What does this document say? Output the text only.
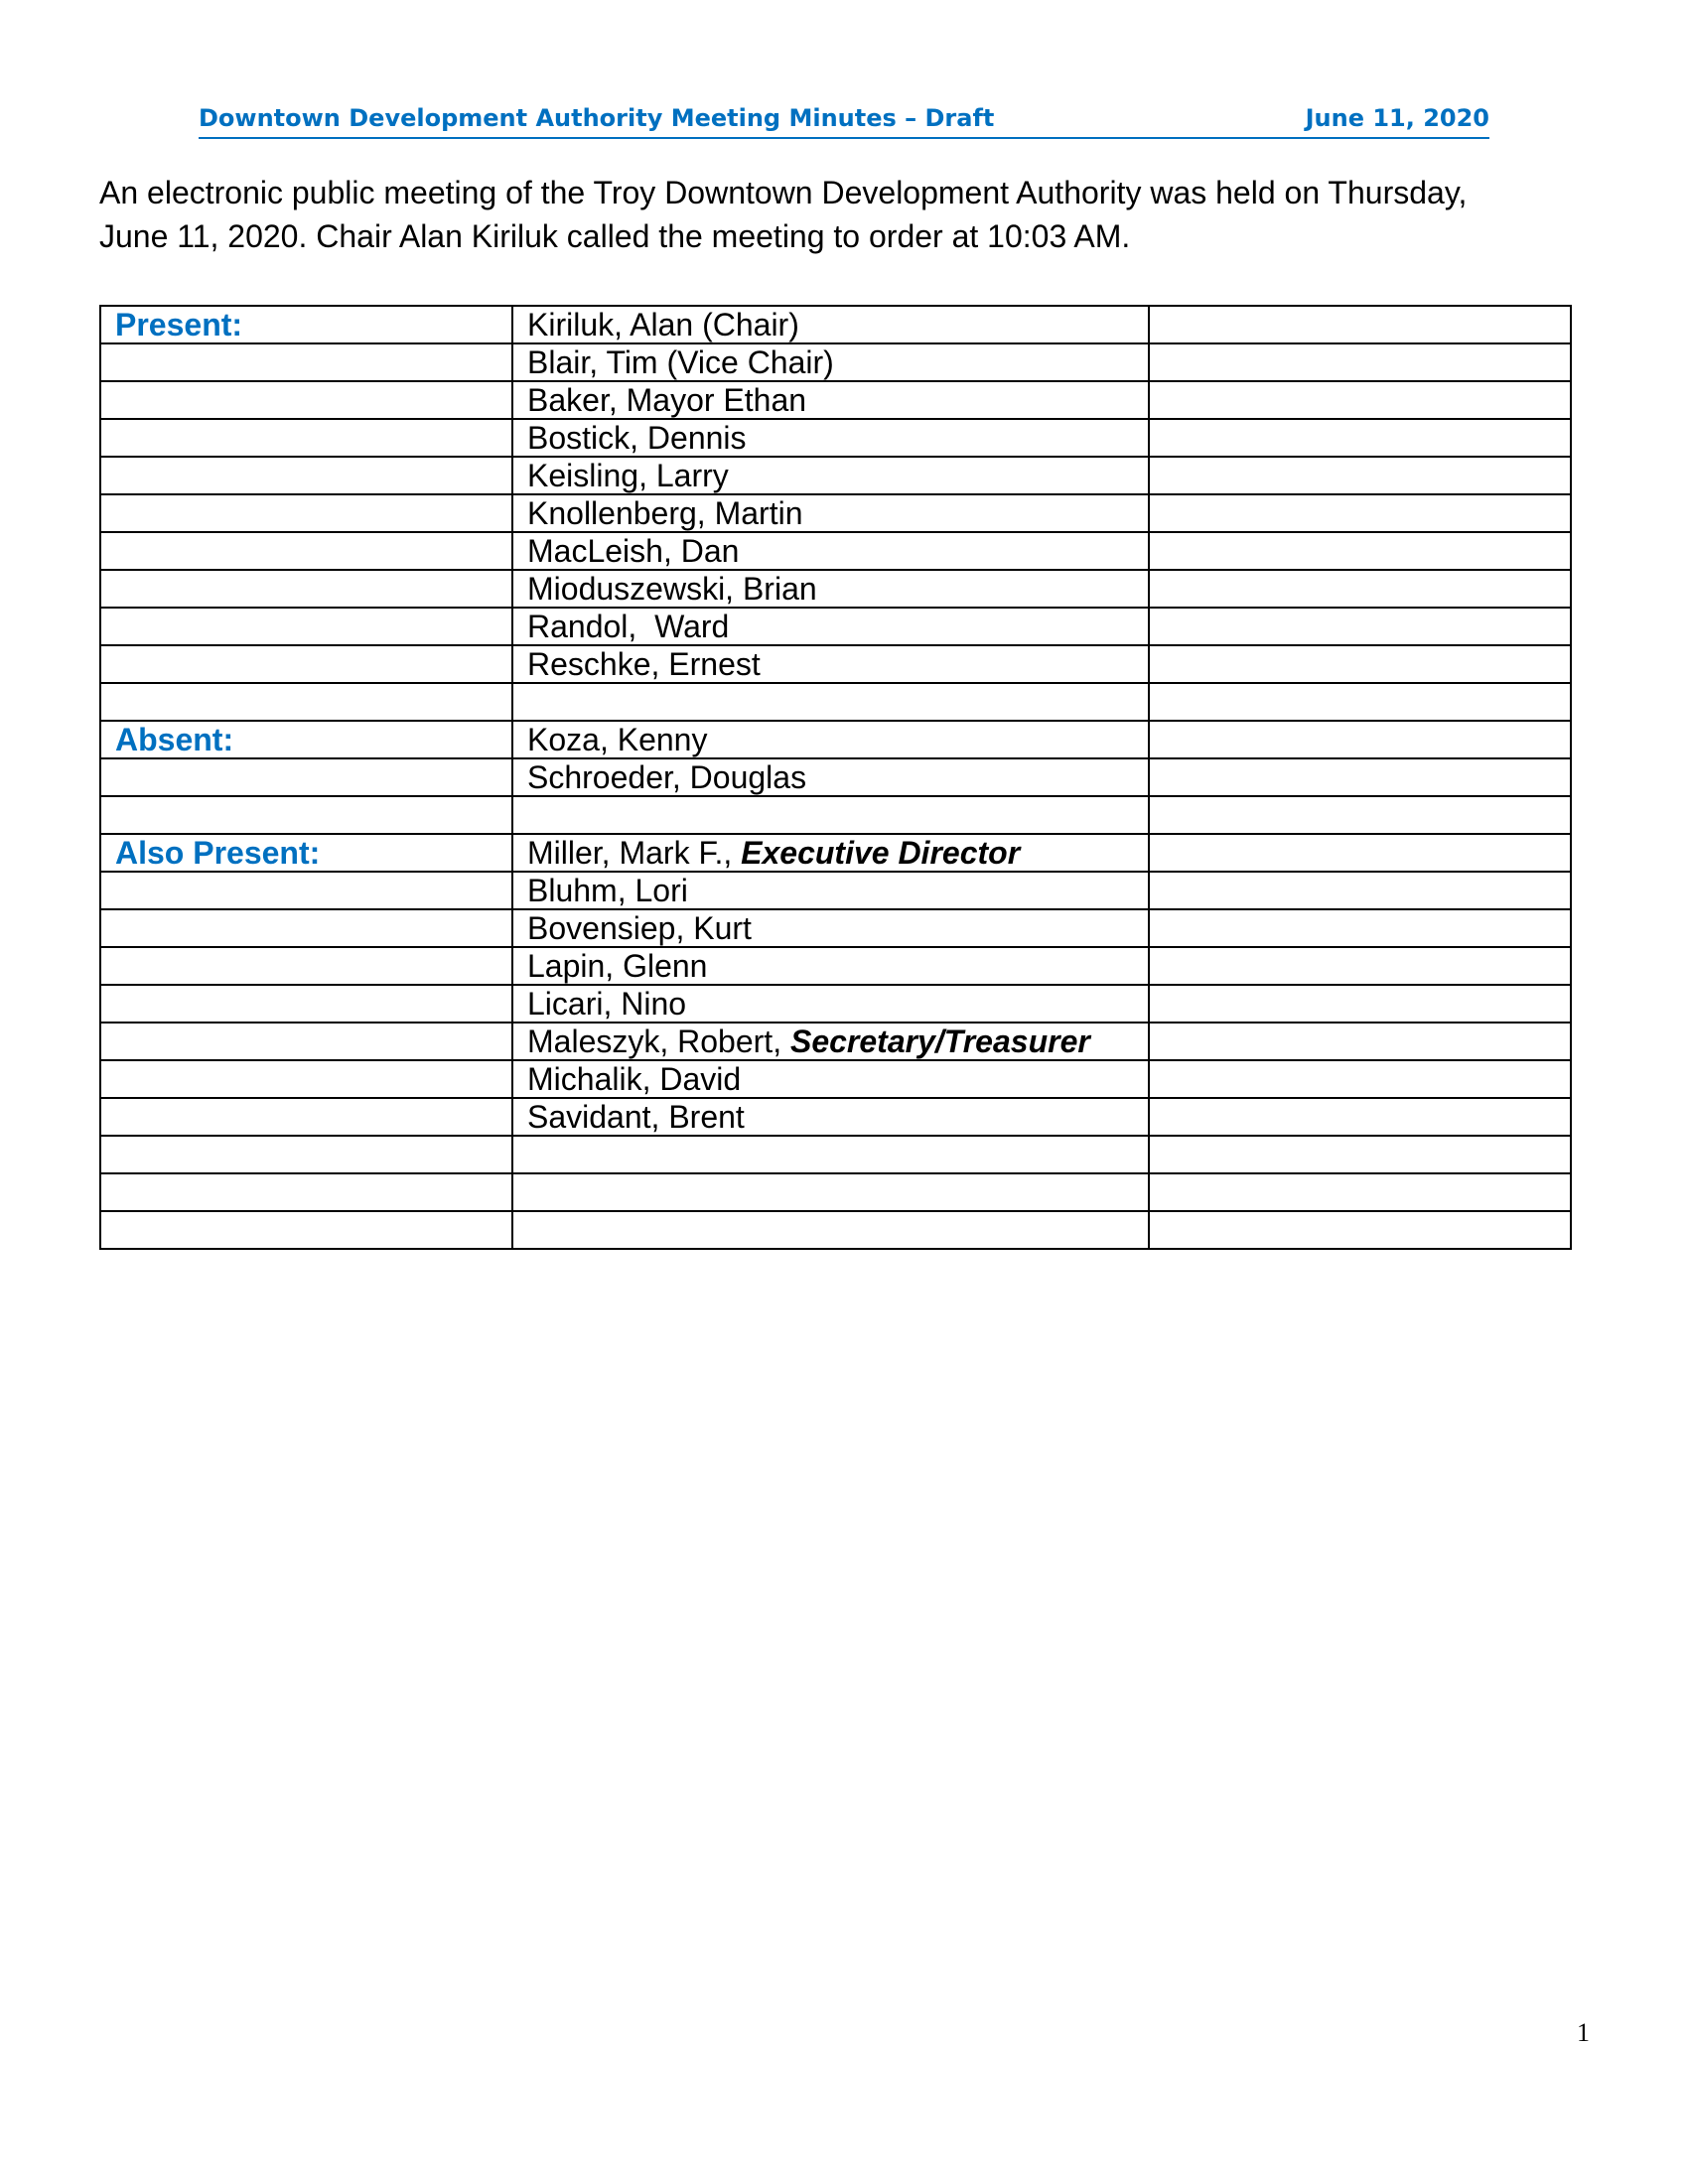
Downtown Development Authority Meeting Minutes – Draft	June 11, 2020
An electronic public meeting of the Troy Downtown Development Authority was held on Thursday,
June 11, 2020. Chair Alan Kiriluk called the meeting to order at 10:03 AM.
Present:	Kiriluk, Alan (Chair)	
	Blair, Tim (Vice Chair)	
	Baker, Mayor Ethan	
	Bostick, Dennis	
	Keisling, Larry	
	Knollenberg, Martin	
	MacLeish, Dan	
	Mioduszewski, Brian	
	Randol,  Ward	
	Reschke, Ernest	

Absent:	Koza, Kenny	
	Schroeder, Douglas	

Also Present:	Miller, Mark F., Executive Director	
	Bluhm, Lori	
	Bovensiep, Kurt	
	Lapin, Glenn	
	Licari, Nino	
	Maleszyk, Robert, Secretary/Treasurer	
	Michalik, David	
	Savidant, Brent	

1
